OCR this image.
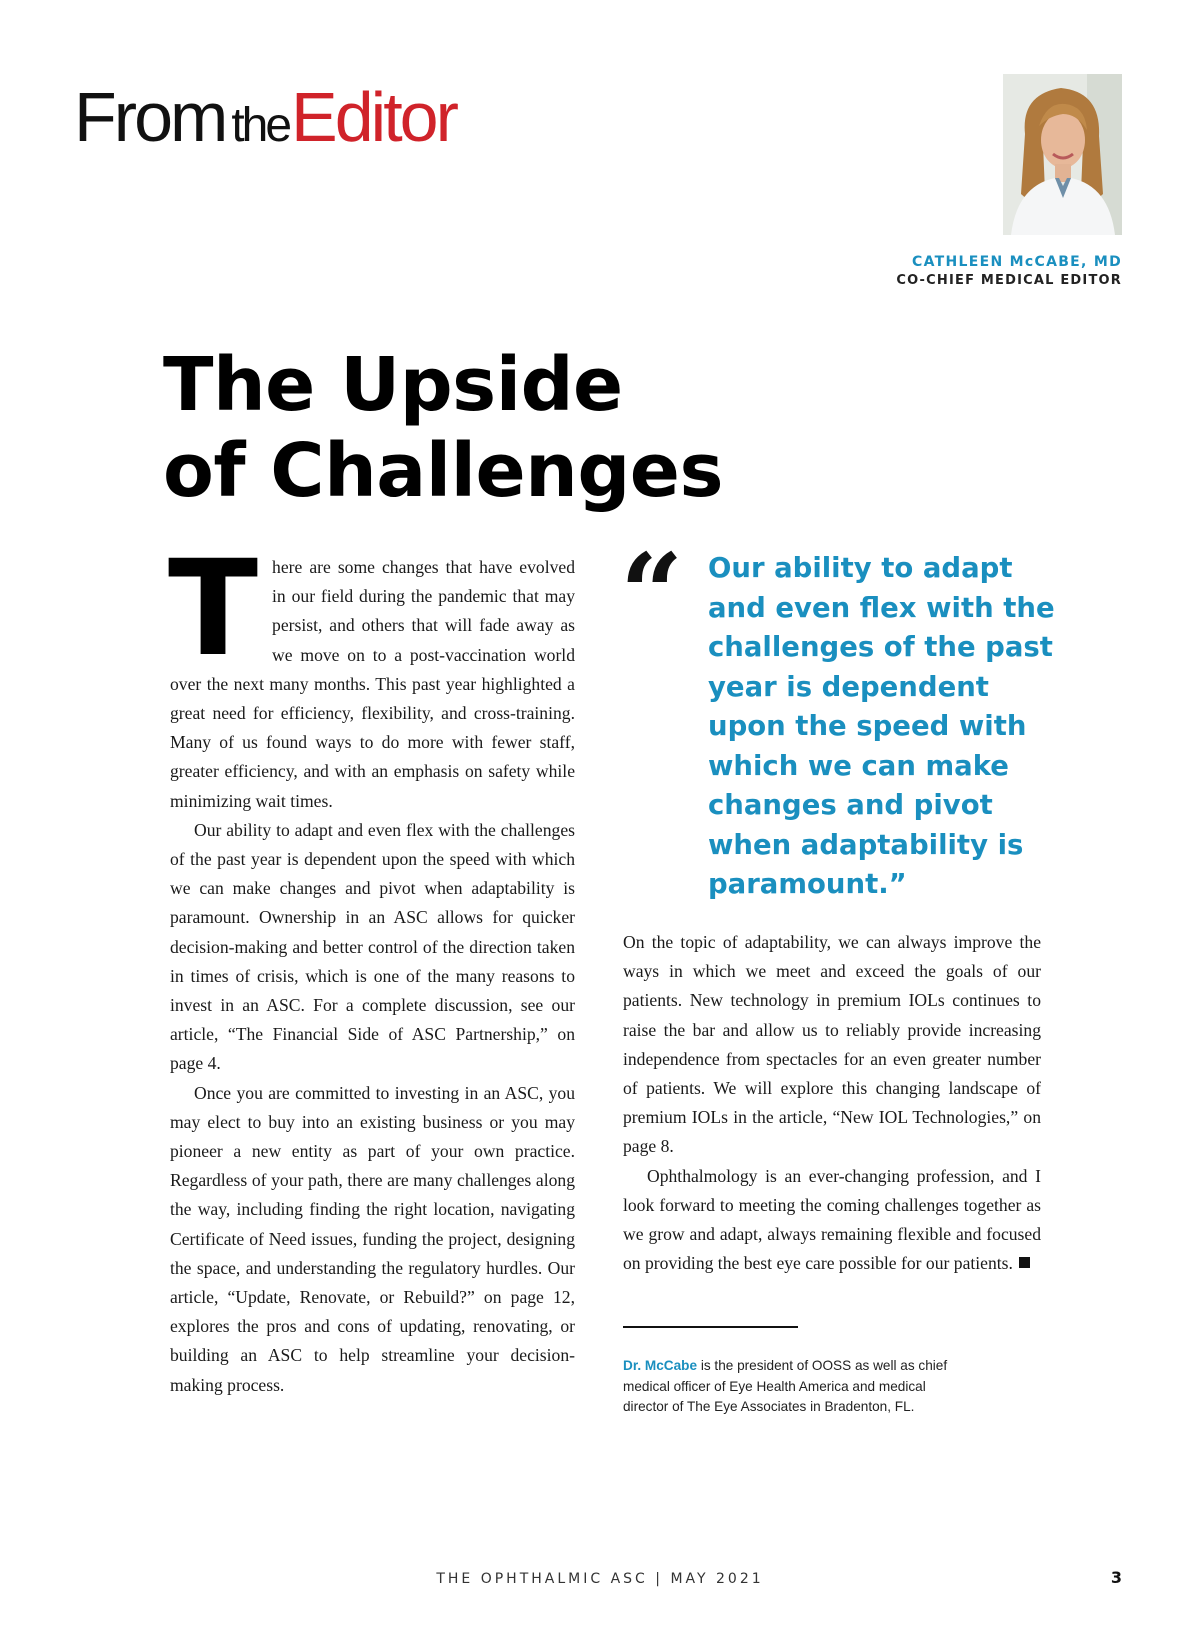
From theEditor

CATHLEEN McCABE, MD

CO-CHIEF MEDICAL EDITOR

The Upside
of Challenges

There are some changes that have evolved in our field during the pandemic that may persist, and others that will fade away as we move on to a post-vaccination world over the next many months. This past year highlighted a great need for efficiency, flexibility, and cross-training. Many of us found ways to do more with fewer staff, greater efficiency, and with an emphasis on safety while minimizing wait times.

Our ability to adapt and even flex with the challenges of the past year is dependent upon the speed with which we can make changes and pivot when adaptability is paramount. Ownership in an ASC allows for quicker decision-making and better control of the direction taken in times of crisis, which is one of the many reasons to invest in an ASC. For a complete discussion, see our article, “The Financial Side of ASC Partnership,” on page 4.

Once you are committed to investing in an ASC, you may elect to buy into an existing business or you may pioneer a new entity as part of your own practice. Regardless of your path, there are many challenges along the way, including finding the right location, navigating Certificate of Need issues, funding the project, designing the space, and understanding the regulatory hurdles. Our article, “Update, Renovate, or Rebuild?” on page 12, explores the pros and cons of updating, renovating, or building an ASC to help streamline your decision-making process.

“ Our ability to adapt and even flex with the challenges of the past year is dependent upon the speed with which we can make changes and pivot when adaptability is paramount.”

On the topic of adaptability, we can always improve the ways in which we meet and exceed the goals of our patients. New technology in premium IOLs continues to raise the bar and allow us to reliably provide increasing independence from spectacles for an even greater number of patients. We will explore this changing landscape of premium IOLs in the article, “New IOL Technologies,” on page 8.

Ophthalmology is an ever-changing profession, and I look forward to meeting the coming challenges together as we grow and adapt, always remaining flexible and focused on providing the best eye care possible for our patients.

Dr. McCabe is the president of OOSS as well as chief medical officer of Eye Health America and medical director of The Eye Associates in Bradenton, FL.

THE OPHTHALMIC ASC | MAY 2021	3
